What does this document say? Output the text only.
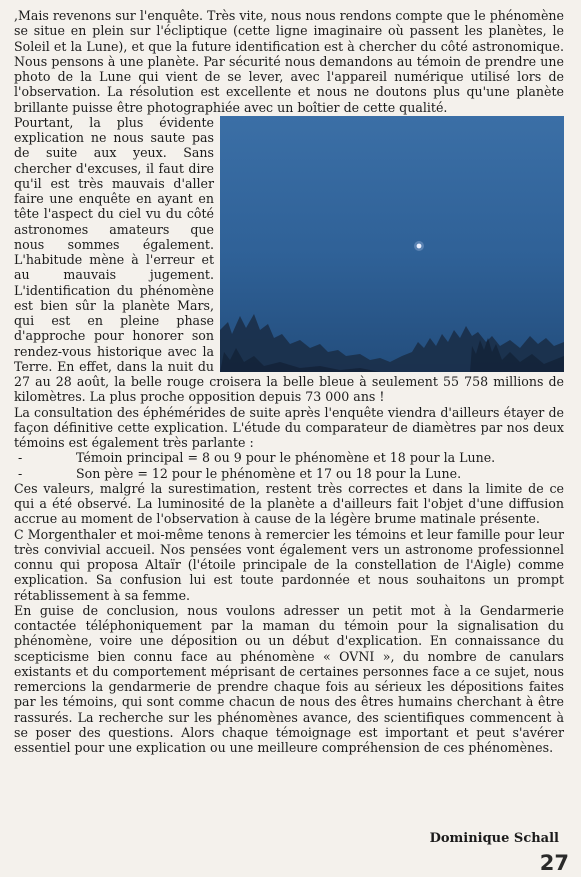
,Mais revenons sur l'enquête. Très vite, nous nous rendons compte que le phénomène se situe en plein sur l'écliptique (cette ligne imaginaire où passent les planètes, le Soleil et la Lune), et que la future identification est à chercher du côté astronomique. Nous pensons à une planète. Par sécurité nous demandons au témoin de prendre une photo de la Lune qui vient de se lever, avec l'appareil numérique utilisé lors de l'observation. La résolution est excellente et nous ne doutons plus qu'une planète brillante puisse être photographiée avec un boîtier de cette qualité.

Pourtant, la plus évidente explication ne nous saute pas de suite aux yeux. Sans chercher d'excuses, il faut dire qu'il est très mauvais d'aller faire une enquête en ayant en tête l'aspect du ciel vu du côté astronomes amateurs que nous sommes également. L'habitude mène à l'erreur et au mauvais jugement. L'identification du phénomène est bien sûr la planète Mars, qui est en pleine phase d'approche pour honorer son rendez-vous historique avec la Terre. En effet, dans la nuit du 27 au 28 août, la belle rouge croisera la belle bleue à seulement 55 758 millions de kilomètres. La plus proche opposition depuis 73 000 ans !

La consultation des éphémérides de suite après l'enquête viendra d'ailleurs étayer de façon définitive cette explication. L'étude du comparateur de diamètres par nos deux témoins est également très parlante :

-	Témoin principal = 8 ou 9 pour le phénomène et 18 pour la Lune.
-	Son père = 12 pour le phénomène et 17 ou 18 pour la Lune.

Ces valeurs, malgré la surestimation, restent très correctes et dans la limite de ce qui a été observé. La luminosité de la planète a d'ailleurs fait l'objet d'une diffusion accrue au moment de l'observation à cause de la légère brume matinale présente.

C Morgenthaler et moi-même tenons à remercier les témoins et leur famille pour leur très convivial accueil. Nos pensées vont également vers un astronome professionnel connu qui proposa Altaïr (l'étoile principale de la constellation de l'Aigle) comme explication. Sa confusion lui est toute pardonnée et nous souhaitons un prompt rétablissement à sa femme.

En guise de conclusion, nous voulons adresser un petit mot à la Gendarmerie contactée téléphoniquement par la maman du témoin pour la signalisation du phénomène, voire une déposition ou un début d'explication. En connaissance du scepticisme bien connu face au phénomène « OVNI », du nombre de canulars existants et du comportement méprisant de certaines personnes face a ce sujet, nous remercions la gendarmerie de prendre chaque fois au sérieux les dépositions faites par les témoins, qui sont comme chacun de nous des êtres humains cherchant à être rassurés. La recherche sur les phénomènes avance, des scientifiques commencent à se poser des questions. Alors chaque témoignage est important et peut s'avérer essentiel pour une explication ou une meilleure compréhension de ces phénomènes.

Dominique Schall
27
